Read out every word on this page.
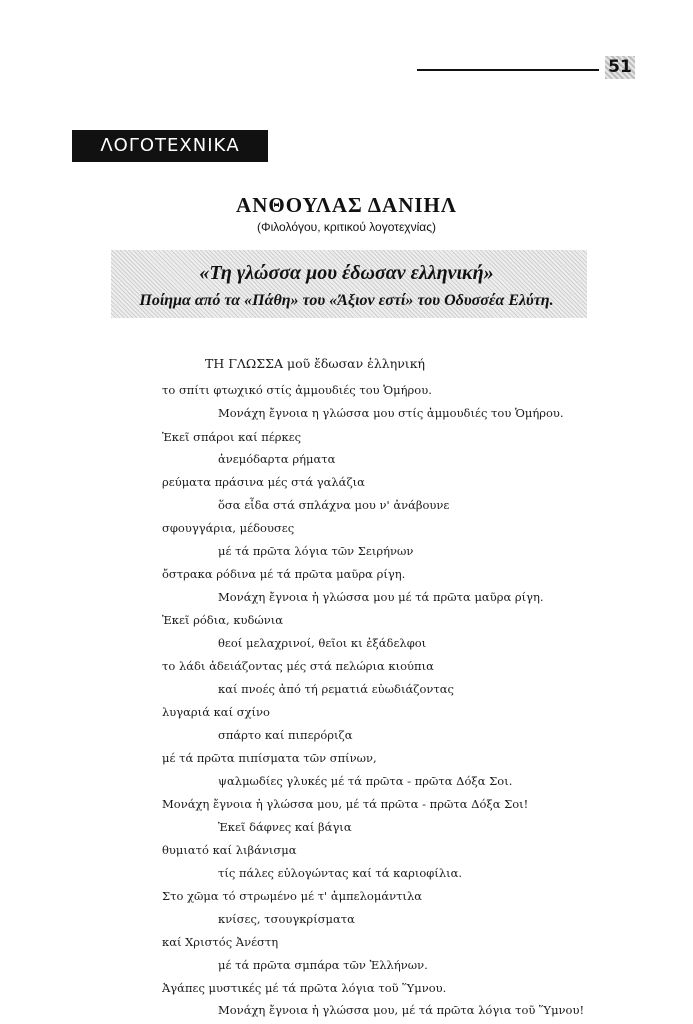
51
ΛΟΓΟΤΕΧΝΙΚΑ
ΑΝΘΟΥΛΑΣ ΔΑΝΙΗΛ
(Φιλολόγου, κριτικού λογοτεχνίας)
«Τη γλώσσα μου έδωσαν ελληνική»
Ποίημα από τα «Πάθη» του «Άξιον εστί» του Οδυσσέα Ελύτη.
ΤΗ ΓΛΩΣΣΑ μοῦ ἔδωσαν ἑλληνική
το σπίτι φτωχικό στίς ἀμμουδιές του Ὁμήρου.
Μονάχη ἔγνοια η γλώσσα μου στίς ἀμμουδιές του Ὁμήρου.
Ἐκεῖ σπάροι καί πέρκες
ἀνεμόδαρτα ρήματα
ρεύματα πράσινα μές στά γαλάζια
ὅσα εἶδα στά σπλάχνα μου ν' ἀνάβουνε
σφουγγάρια, μέδουσες
μέ τά πρῶτα λόγια τῶν Σειρήνων
ὄστρακα ρόδινα μέ τά πρῶτα μαῦρα ρίγη.
Μονάχη ἔγνοια ἡ γλώσσα μου μέ τά πρῶτα μαῦρα ρίγη.
Ἐκεῖ ρόδια, κυδώνια
θεοί μελαχρινοί, θεῖοι κι ἐξάδελφοι
το λάδι ἀδειάζοντας μές στά πελώρια κιούπια
καί πνοές ἀπό τή ρεματιά εὐωδιάζοντας
λυγαριά καί σχίνο
σπάρτο καί πιπερόριζα
μέ τά πρῶτα πιπίσματα τῶν σπίνων,
ψαλμωδίες γλυκές μέ τά πρῶτα - πρῶτα Δόξα Σοι.
Μονάχη ἔγνοια ἡ γλώσσα μου, μέ τά πρῶτα - πρῶτα Δόξα Σοι!
Ἐκεῖ δάφνες καί βάγια
θυμιατό καί λιβάνισμα
τίς πάλες εὐλογώντας καί τά καριοφίλια.
Στο χῶμα τό στρωμένο μέ τ' ἀμπελομάντιλα
κνίσες, τσουγκρίσματα
καί Χριστός Ἀνέστη
μέ τά πρῶτα σμπάρα τῶν Ἑλλήνων.
Ἀγάπες μυστικές μέ τά πρῶτα λόγια τοῦ Ὕμνου.
Μονάχη ἔγνοια ἡ γλώσσα μου, μέ τά πρῶτα λόγια τοῦ Ὕμνου!
